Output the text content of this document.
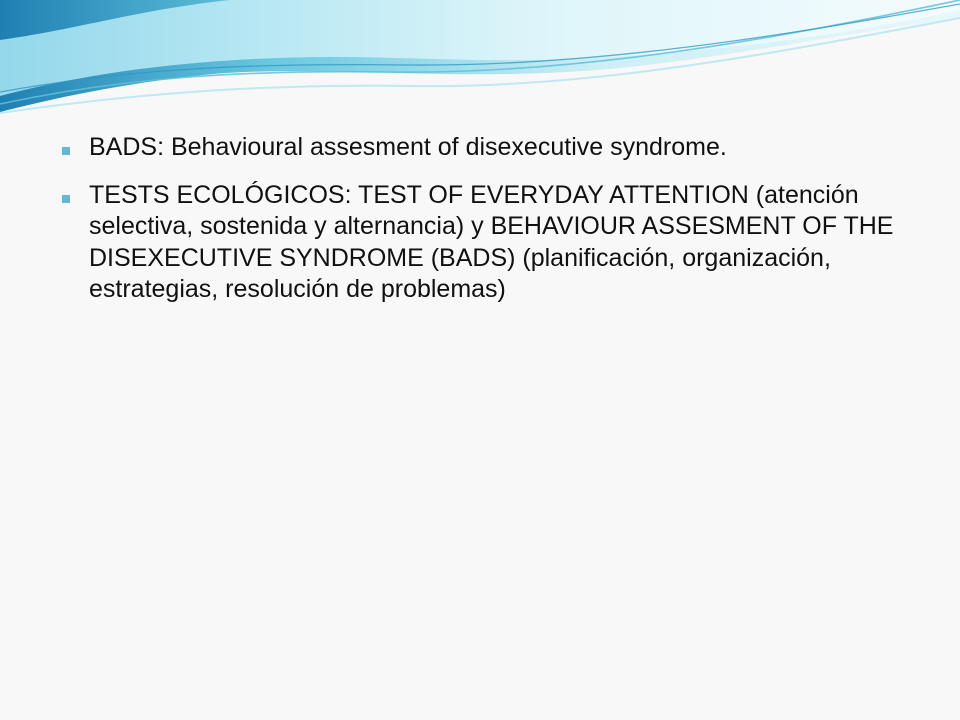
BADS: Behavioural assesment of disexecutive syndrome.
TESTS ECOLÓGICOS: TEST OF EVERYDAY ATTENTION (atención selectiva, sostenida y alternancia) y BEHAVIOUR ASSESMENT OF THE DISEXECUTIVE SYNDROME (BADS) (planificación, organización, estrategias, resolución de problemas)
